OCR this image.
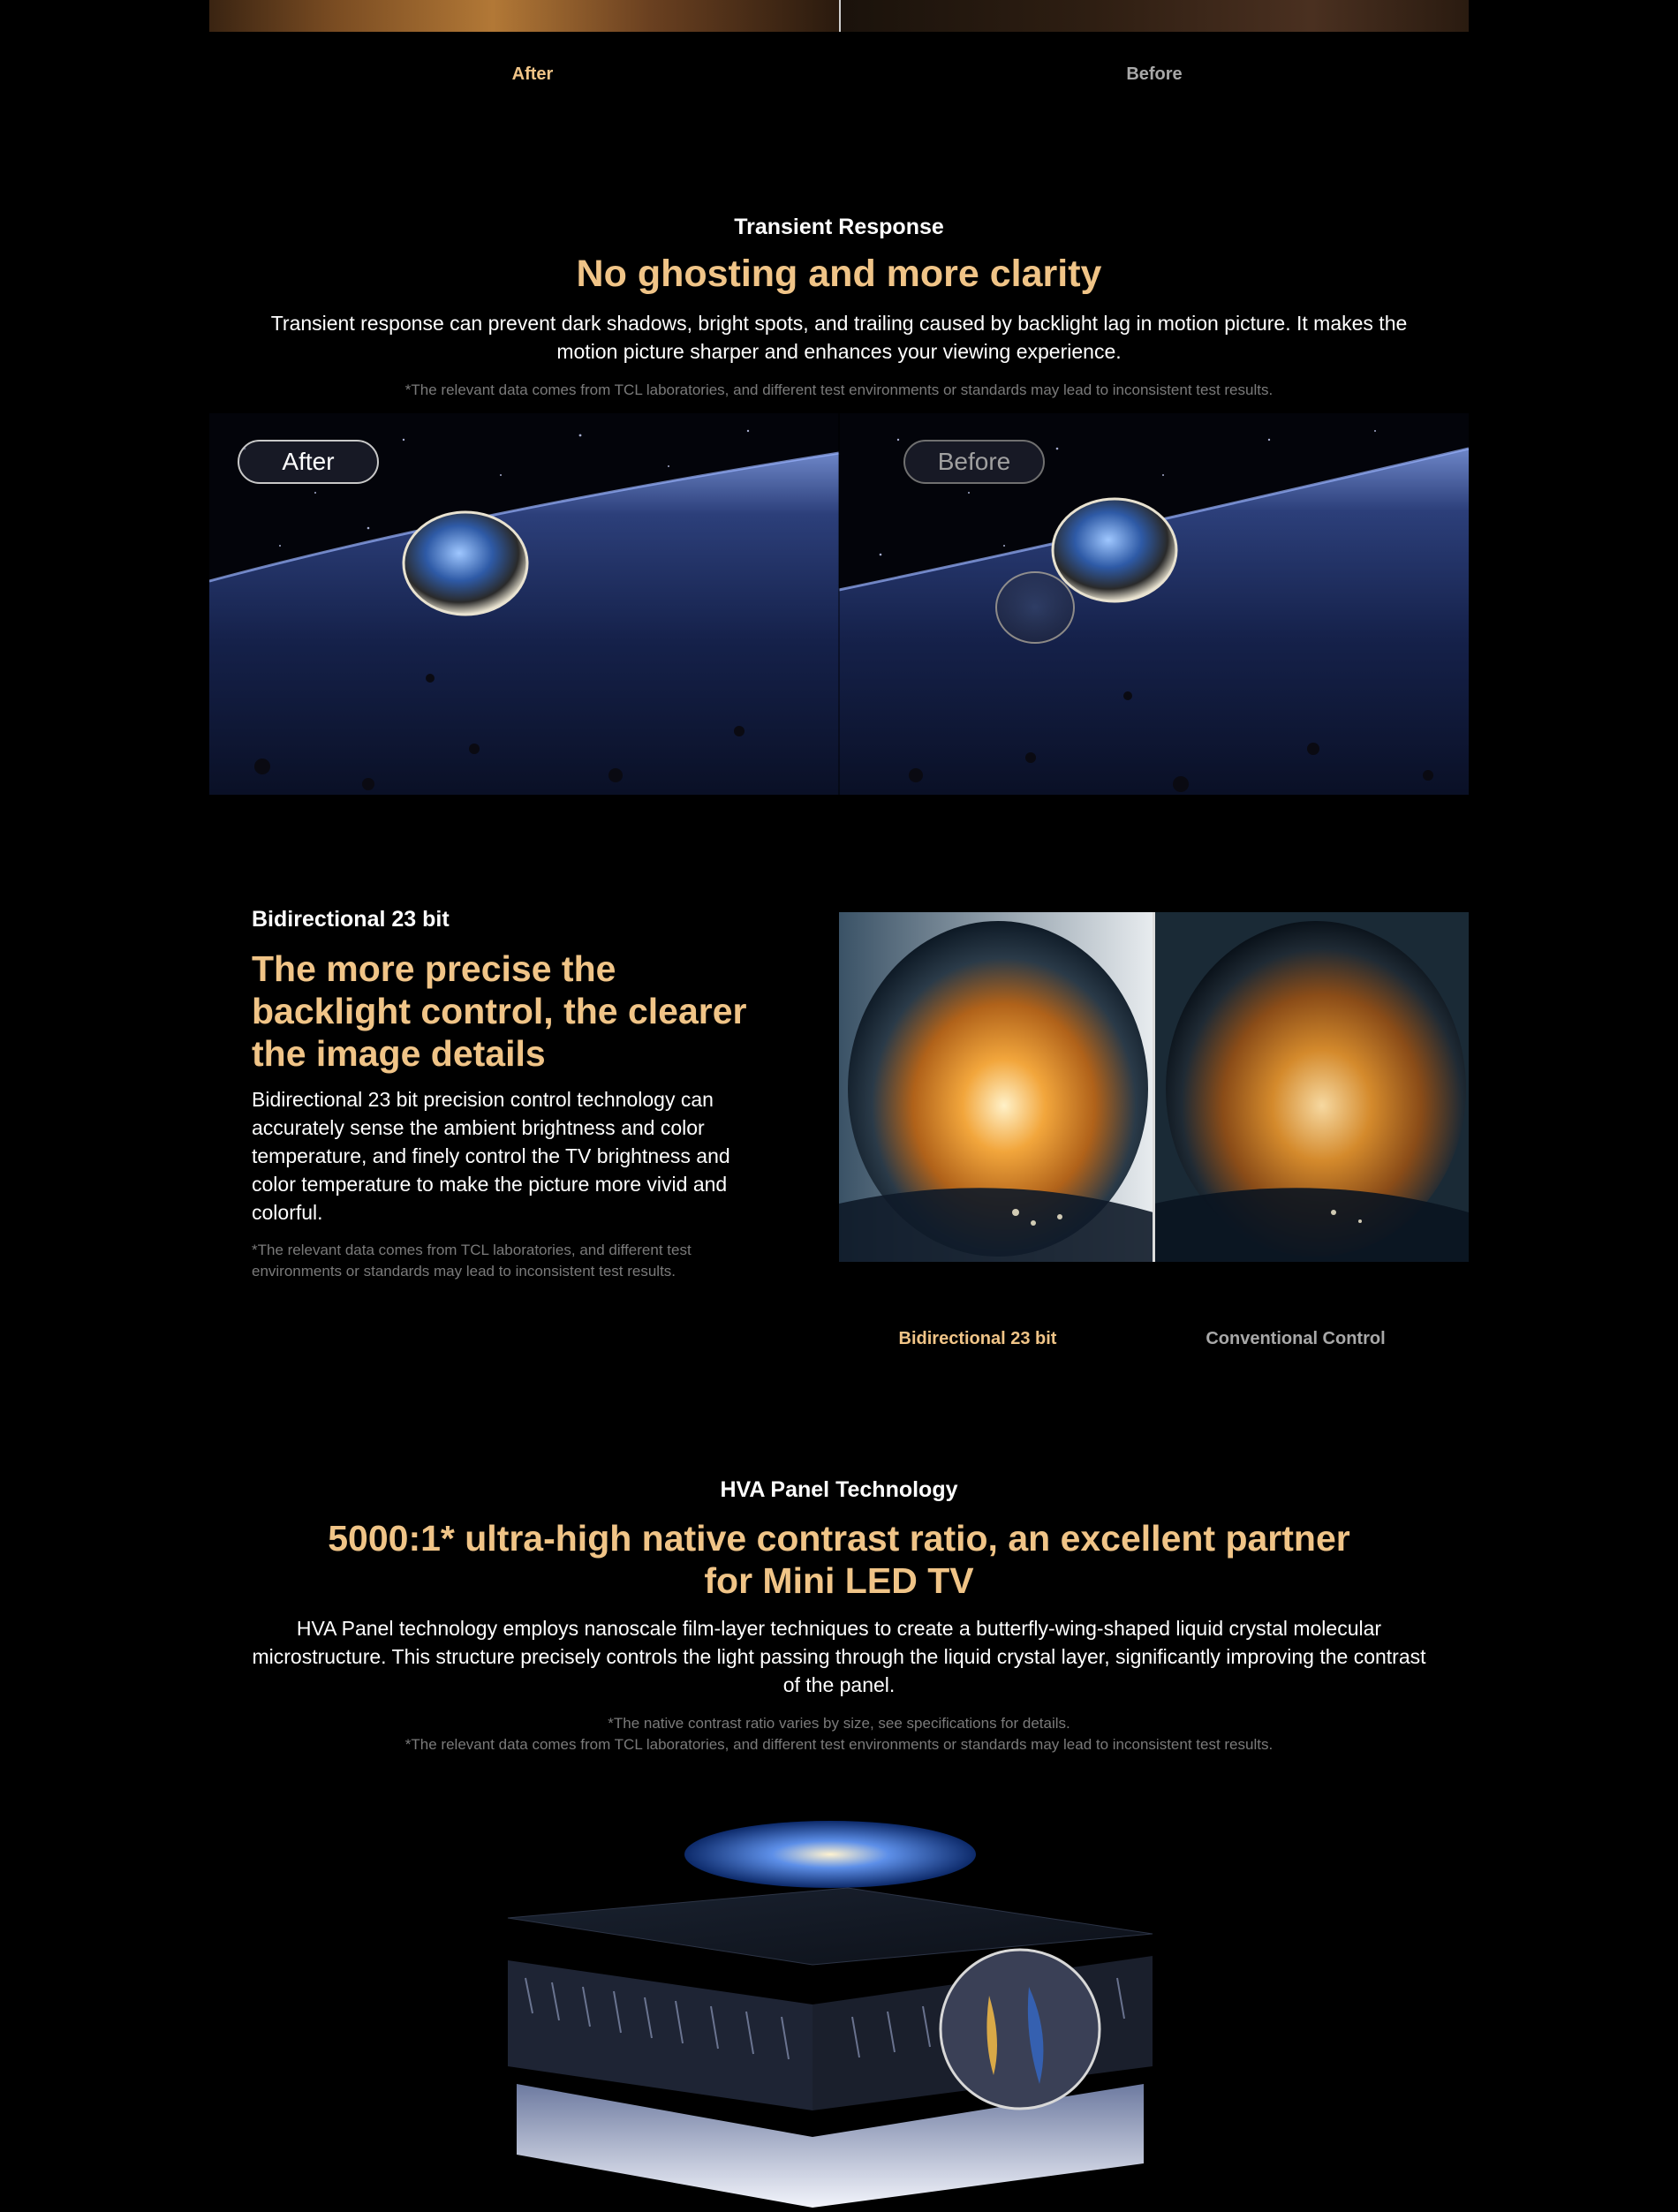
After	Before
Transient Response
No ghosting and more clarity
Transient response can prevent dark shadows, bright spots, and trailing caused by backlight lag in motion picture. It makes the motion picture sharper and enhances your viewing experience.
*The relevant data comes from TCL laboratories, and different test environments or standards may lead to inconsistent test results.
After	Before
Bidirectional 23 bit
The more precise the
backlight control, the clearer
the image details
Bidirectional 23 bit precision control technology can accurately sense the ambient brightness and color temperature, and finely control the TV brightness and color temperature to make the picture more vivid and colorful.
*The relevant data comes from TCL laboratories, and different test environments or standards may lead to inconsistent test results.
Bidirectional 23 bit	Conventional Control
HVA Panel Technology
5000:1* ultra-high native contrast ratio, an excellent partner
for Mini LED TV
HVA Panel technology employs nanoscale film-layer techniques to create a butterfly-wing-shaped liquid crystal molecular microstructure. This structure precisely controls the light passing through the liquid crystal layer, significantly improving the contrast of the panel.
*The native contrast ratio varies by size, see specifications for details.
*The relevant data comes from TCL laboratories, and different test environments or standards may lead to inconsistent test results.
